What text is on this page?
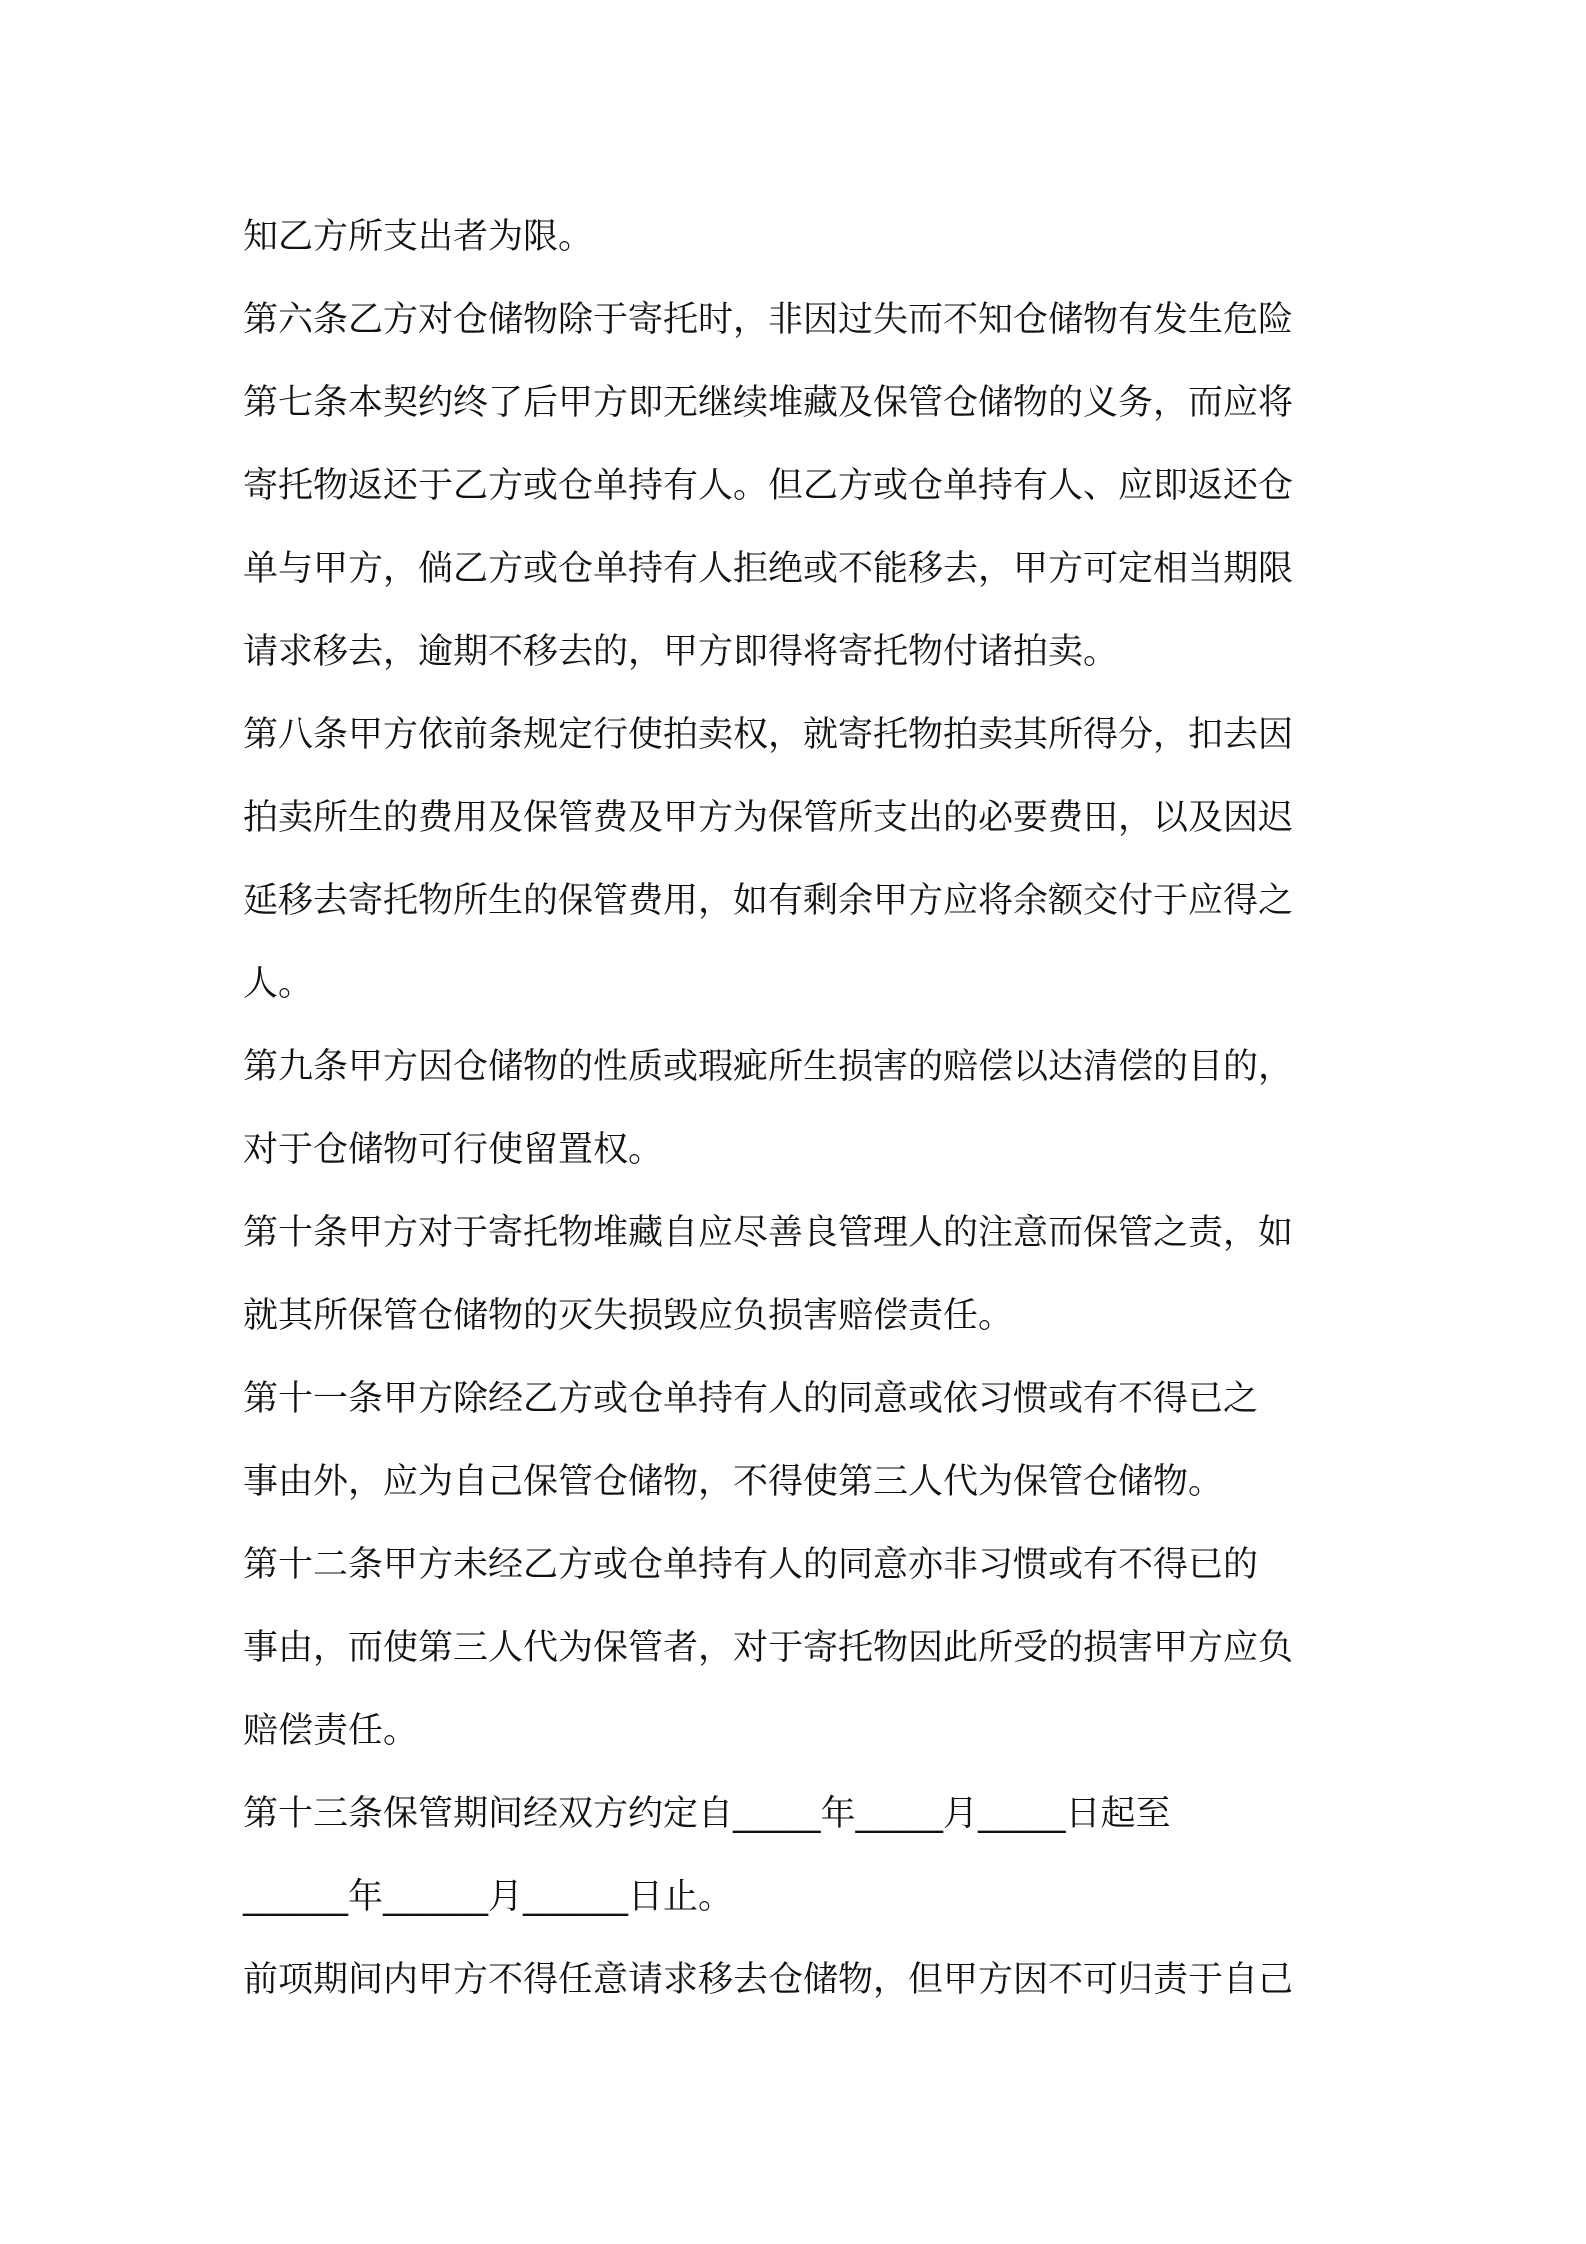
知乙方所支出者为限。
第六条乙方对仓储物除于寄托时，非因过失而不知仓储物有发生危险
第七条本契约终了后甲方即无继续堆藏及保管仓储物的义务，而应将
寄托物返还于乙方或仓单持有人。但乙方或仓单持有人、应即返还仓
单与甲方，倘乙方或仓单持有人拒绝或不能移去，甲方可定相当期限
请求移去，逾期不移去的，甲方即得将寄托物付诸拍卖。
第八条甲方依前条规定行使拍卖权，就寄托物拍卖其所得分，扣去因
拍卖所生的费用及保管费及甲方为保管所支出的必要费田，以及因迟
延移去寄托物所生的保管费用，如有剩余甲方应将余额交付于应得之
人。
第九条甲方因仓储物的性质或瑕疵所生损害的赔偿以达清偿的目的，
对于仓储物可行使留置权。
第十条甲方对于寄托物堆藏自应尽善良管理人的注意而保管之责，如
就其所保管仓储物的灭失损毁应负损害赔偿责任。
第十一条甲方除经乙方或仓单持有人的同意或依习惯或有不得已之
事由外，应为自己保管仓储物，不得使第三人代为保管仓储物。
第十二条甲方未经乙方或仓单持有人的同意亦非习惯或有不得已的
事由，而使第三人代为保管者，对于寄托物因此所受的损害甲方应负
赔偿责任。
第十三条保管期间经双方约定自_____年_____月_____日起至
______年______月______日止。
前项期间内甲方不得任意请求移去仓储物，但甲方因不可归责于自己
